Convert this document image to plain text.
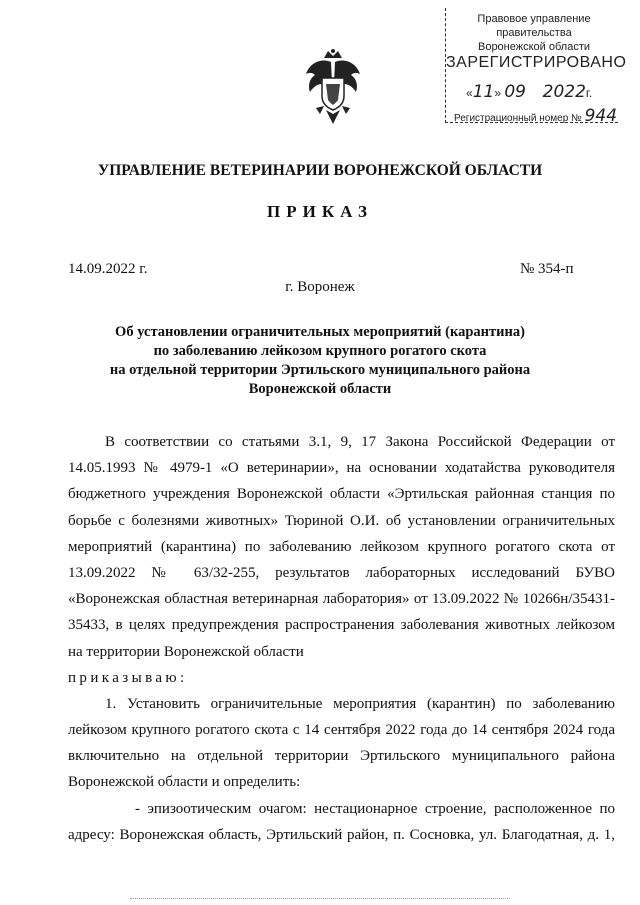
Правовое управление правительства
Воронежской области
ЗАРЕГИСТРИРОВАНО
«11» 09 2022г.
Регистрационный номер № 944
УПРАВЛЕНИЕ ВЕТЕРИНАРИИ ВОРОНЕЖСКОЙ ОБЛАСТИ
ПРИКАЗ
14.09.2022 г.	№ 354-п
г. Воронеж
Об установлении ограничительных мероприятий (карантина)
по заболеванию лейкозом крупного рогатого скота
на отдельной территории Эртильского муниципального района
Воронежской области
В соответствии со статьями 3.1, 9, 17 Закона Российской Федерации от
14.05.1993 № 4979-1 «О ветеринарии», на основании ходатайства руководителя
бюджетного учреждения Воронежской области «Эртильская районная станция по
борьбе с болезнями животных» Тюриной О.И. об установлении ограничительных
мероприятий (карантина) по заболеванию лейкозом крупного рогатого скота от
13.09.2022 № 63/32-255, результатов лабораторных исследований БУВО
«Воронежская областная ветеринарная лаборатория» от 13.09.2022 № 10266н/35431-
35433, в целях предупреждения распространения заболевания животных лейкозом
на территории Воронежской области
приказываю:
1. Установить ограничительные мероприятия (карантин) по заболеванию
лейкозом крупного рогатого скота с 14 сентября 2022 года до 14 сентября 2024 года
включительно на отдельной территории Эртильского муниципального района
Воронежской области и определить:
- эпизоотическим очагом: нестационарное строение, расположенное по
адресу: Воронежская область, Эртильский район, п. Сосновка, ул. Благодатная, д. 1,
